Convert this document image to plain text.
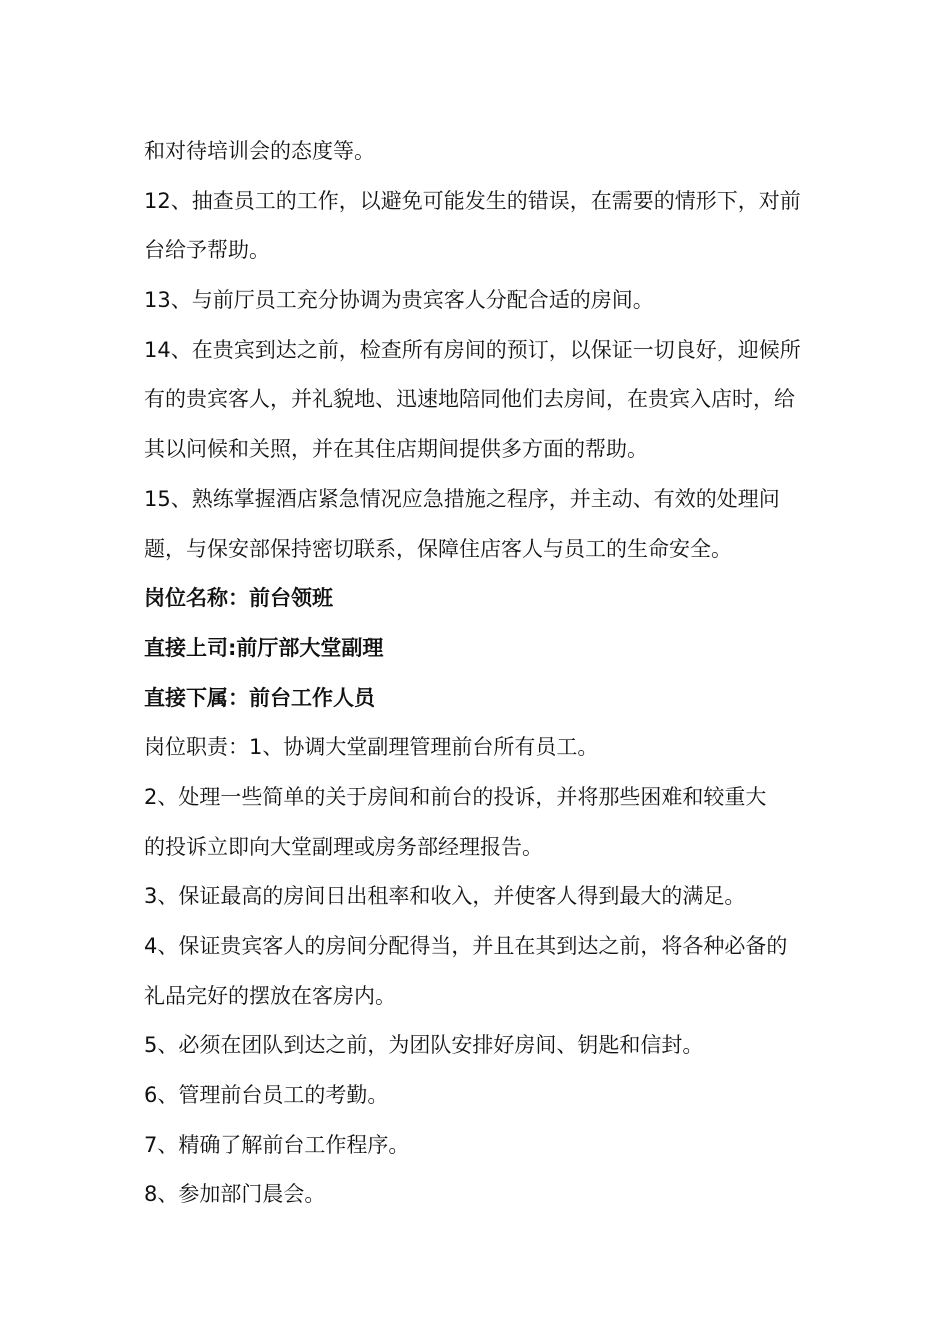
和对待培训会的态度等。
12、抽查员工的工作，以避免可能发生的错误，在需要的情形下，对前
台给予帮助。
13、与前厅员工充分协调为贵宾客人分配合适的房间。
14、在贵宾到达之前，检查所有房间的预订，以保证一切良好，迎候所
有的贵宾客人，并礼貌地、迅速地陪同他们去房间，在贵宾入店时，给
其以问候和关照，并在其住店期间提供多方面的帮助。
15、熟练掌握酒店紧急情况应急措施之程序，并主动、有效的处理问
题，与保安部保持密切联系，保障住店客人与员工的生命安全。
岗位名称：前台领班
直接上司:前厅部大堂副理
直接下属：前台工作人员
岗位职责：1、协调大堂副理管理前台所有员工。
2、处理一些简单的关于房间和前台的投诉，并将那些困难和较重大
的投诉立即向大堂副理或房务部经理报告。
3、保证最高的房间日出租率和收入，并使客人得到最大的满足。
4、保证贵宾客人的房间分配得当，并且在其到达之前，将各种必备的
礼品完好的摆放在客房内。
5、必须在团队到达之前，为团队安排好房间、钥匙和信封。
6、管理前台员工的考勤。
7、精确了解前台工作程序。
8、参加部门晨会。
